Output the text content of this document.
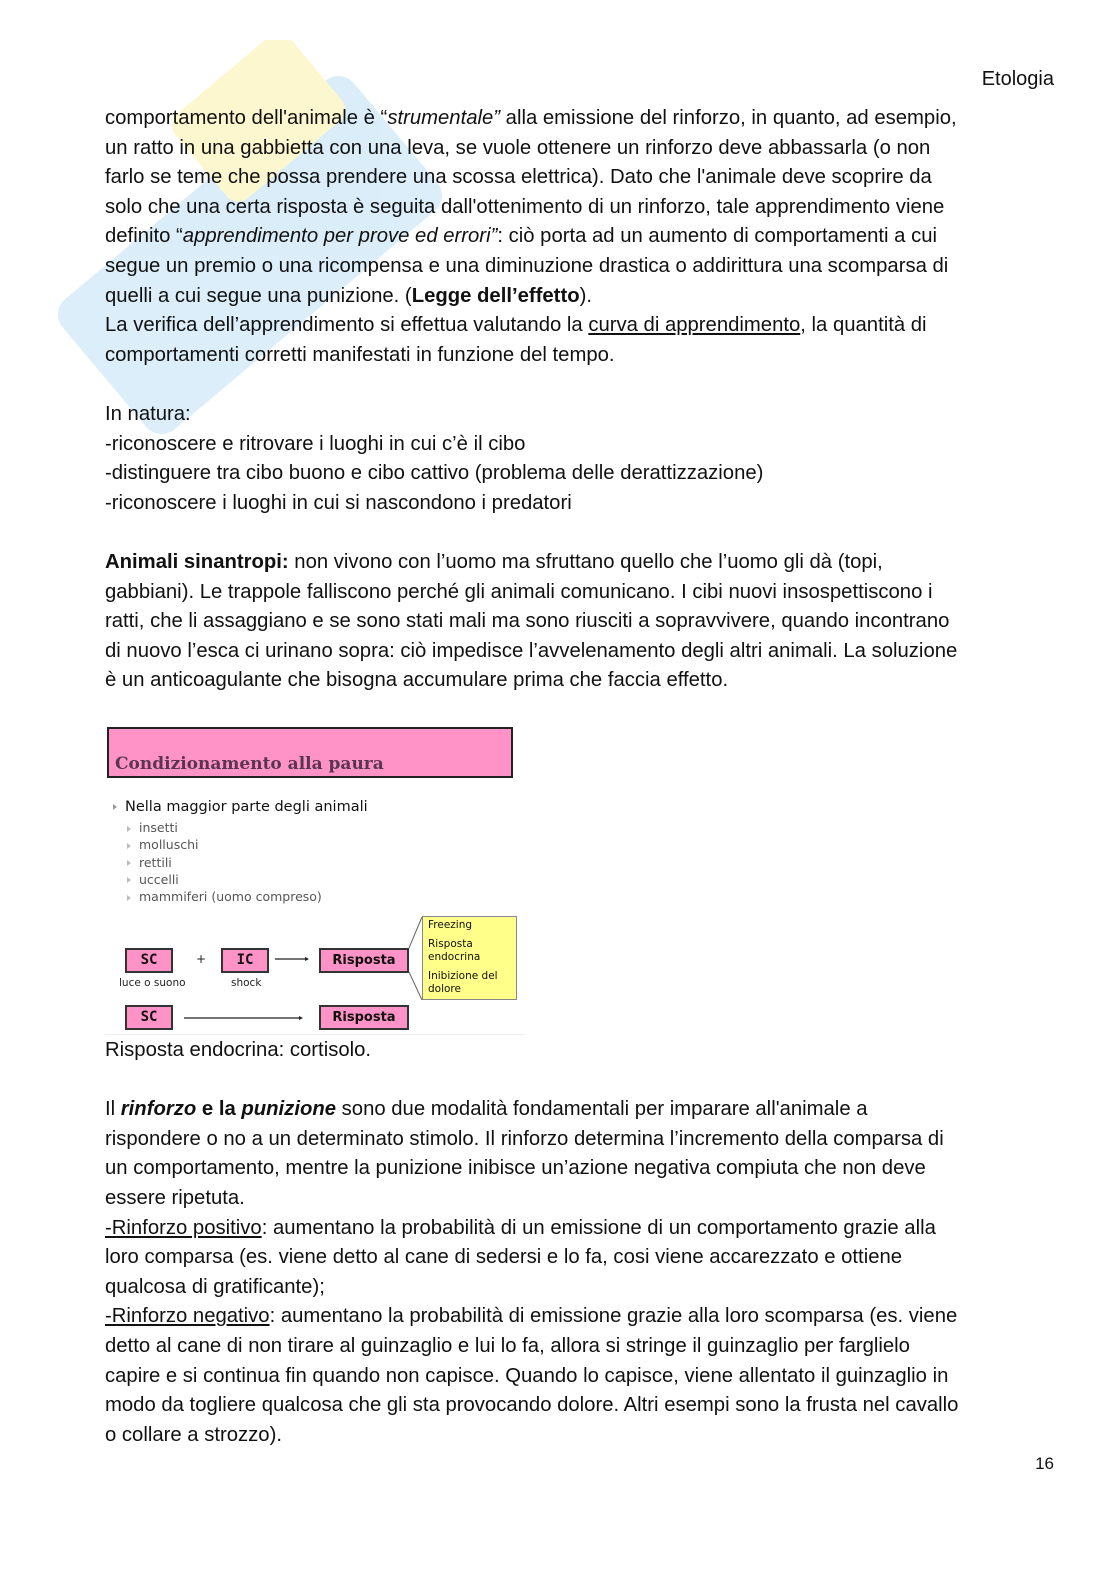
Etologia
comportamento dell'animale è “strumentale” alla emissione del rinforzo, in quanto, ad esempio,
un ratto in una gabbietta con una leva, se vuole ottenere un rinforzo deve abbassarla (o non
farlo se teme che possa prendere una scossa elettrica). Dato che l'animale deve scoprire da
solo che una certa risposta è seguita dall'ottenimento di un rinforzo, tale apprendimento viene
definito “apprendimento per prove ed errori”: ciò porta ad un aumento di comportamenti a cui
segue un premio o una ricompensa e una diminuzione drastica o addirittura una scomparsa di
quelli a cui segue una punizione. (Legge dell’effetto).
La verifica dell’apprendimento si effettua valutando la curva di apprendimento, la quantità di
comportamenti corretti manifestati in funzione del tempo.
In natura:
-riconoscere e ritrovare i luoghi in cui c’è il cibo
-distinguere tra cibo buono e cibo cattivo (problema delle derattizzazione)
-riconoscere i luoghi in cui si nascondono i predatori
Animali sinantropi: non vivono con l’uomo ma sfruttano quello che l’uomo gli dà (topi,
gabbiani). Le trappole falliscono perché gli animali comunicano. I cibi nuovi insospettiscono i
ratti, che li assaggiano e se sono stati mali ma sono riusciti a sopravvivere, quando incontrano
di nuovo l’esca ci urinano sopra: ciò impedisce l’avvelenamento degli altri animali. La soluzione
è un anticoagulante che bisogna accumulare prima che faccia effetto.
Condizionamento alla paura
Nella maggior parte degli animali
insetti
molluschi
rettili
uccelli
mammiferi (uomo compreso)
SC
luce o suono
+	IC
shock
Risposta
SC	Risposta
Freezing
Risposta endocrina
Inibizione del dolore
Risposta endocrina: cortisolo.
Il rinforzo e la punizione sono due modalità fondamentali per imparare all'animale a
rispondere o no a un determinato stimolo. Il rinforzo determina l’incremento della comparsa di
un comportamento, mentre la punizione inibisce un’azione negativa compiuta che non deve
essere ripetuta.
-Rinforzo positivo: aumentano la probabilità di un emissione di un comportamento grazie alla
loro comparsa (es. viene detto al cane di sedersi e lo fa, cosi viene accarezzato e ottiene
qualcosa di gratificante);
-Rinforzo negativo: aumentano la probabilità di emissione grazie alla loro scomparsa (es. viene
detto al cane di non tirare al guinzaglio e lui lo fa, allora si stringe il guinzaglio per farglielo
capire e si continua fin quando non capisce. Quando lo capisce, viene allentato il guinzaglio in
modo da togliere qualcosa che gli sta provocando dolore. Altri esempi sono la frusta nel cavallo
o collare a strozzo).
16
